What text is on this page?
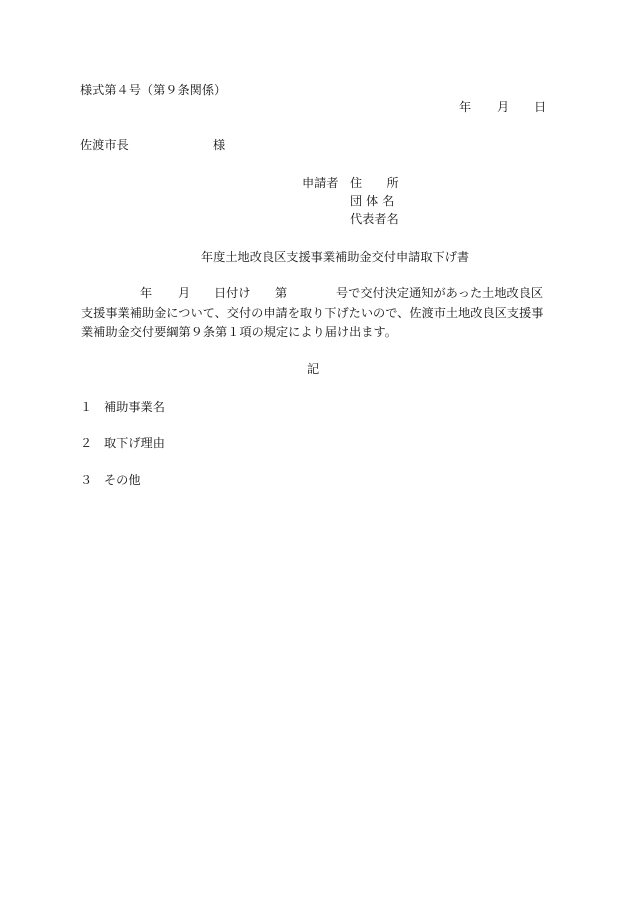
様式第４号（第９条関係）
年 月 日
佐渡市長	様
申請者 住　　所
団 体 名
代表者名
年度土地改良区支援事業補助金交付申請取下げ書
年 月 日付け 第	号で交付決定通知があった土地改良区
支援事業補助金について、交付の申請を取り下げたいので、佐渡市土地改良区支援事
業補助金交付要綱第９条第１項の規定により届け出ます。
記
１ 補助事業名
２ 取下げ理由
３ その他
